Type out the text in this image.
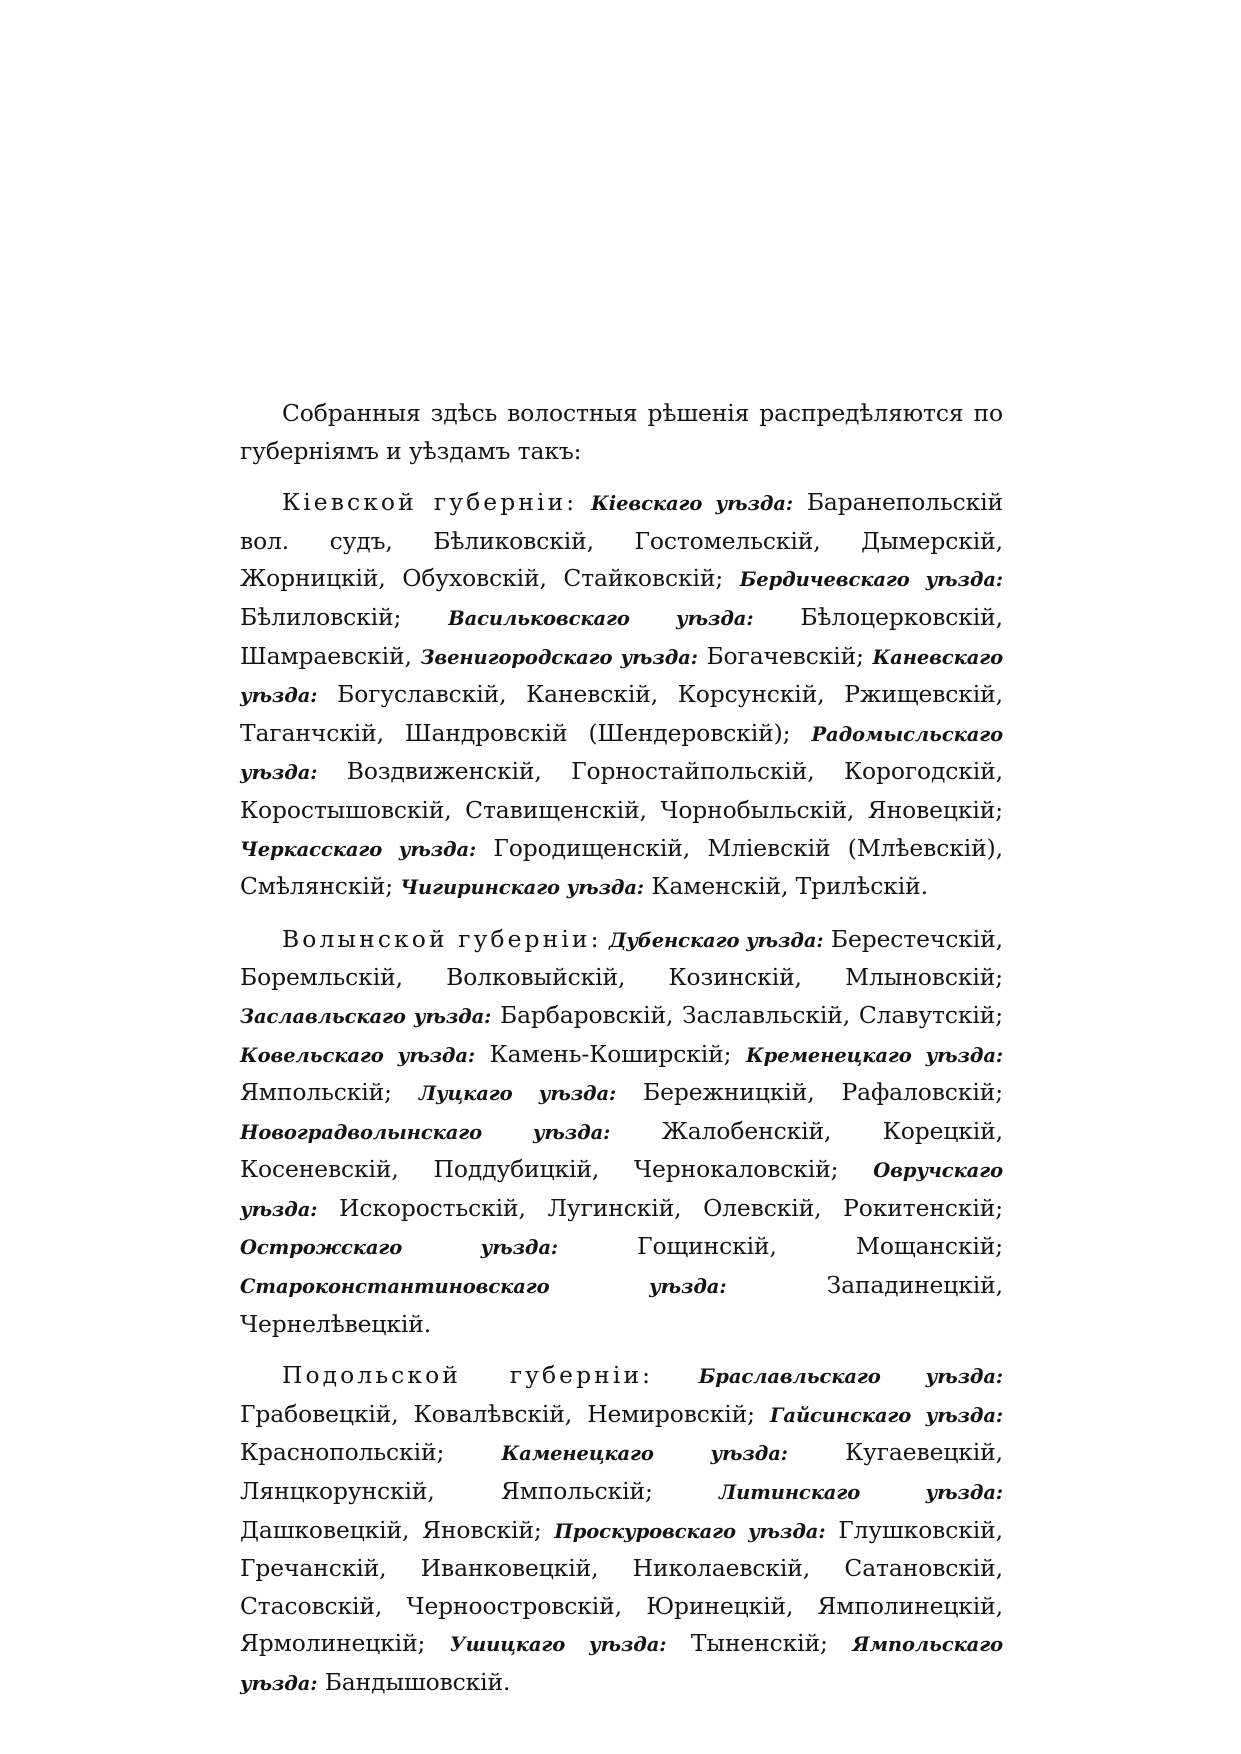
Собранныя здѣсь волостныя рѣшенія распредѣляются по губерніямъ и уѣздамъ такъ:

Кіевской губерніи: Кіевскаго уѣзда: Баранепольскій вол. судъ, Бѣликовскій, Гостомельскій, Дымерскій, Жорницкій, Обуховскій, Стайковскій; Бердичевскаго уѣзда: Бѣлиловскій; Васильковскаго уѣзда: Бѣлоцерковскій, Шамраевскій, Звенигородскаго уѣзда: Богачевскій; Каневскаго уѣзда: Богуславскій, Каневскій, Корсунскій, Ржищевскій, Таганчскій, Шандровскій (Шендеровскій); Радомысльскаго уѣзда: Воздвиженскій, Горностайпольскій, Корогодскій, Коростышовскій, Ставищенскій, Чорнобыльскій, Яновецкій; Черкасскаго уѣзда: Городищенскій, Мліевскій (Млѣевскій), Смѣлянскій; Чигиринскаго уѣзда: Каменскій, Трилѣскій.

Волынской губерніи: Дубенскаго уѣзда: Берестечскій, Боремльскій, Волковыйскій, Козинскій, Млыновскій; Заславльскаго уѣзда: Барбаровскій, Заславльскій, Славутскій; Ковельскаго уѣзда: Камень-Коширскій; Кременецкаго уѣзда: Ямпольскій; Луцкаго уѣзда: Бережницкій, Рафаловскій; Новоградволынскаго уѣзда: Жалобенскій, Корецкій, Косеневскій, Поддубицкій, Чернокаловскій; Овручскаго уѣзда: Искоростьскій, Лугинскій, Олевскій, Рокитенскій; Острожскаго уѣзда:	Гощинскій, Мощанскій; Староконстантиновскаго уѣзда:	Западинецкій, Чернелѣвецкій.

Подольской губерніи: Браславльскаго уѣзда: Грабовецкій, Ковалѣвскій, Немировскій; Гайсинскаго уѣзда: Краснопольскій;	Каменецкаго уѣзда: Кугаевецкій, Лянцкорунскій, Ямпольскій;	Литинскаго уѣзда: Дашковецкій, Яновскій; Проскуровскаго уѣзда: Глушковскій, Гречанскій, Иванковецкій, Николаевскій, Сатановскій, Стасовскій, Черноостровскій, Юринецкій, Ямполинецкій, Ярмолинецкій; Ушицкаго уѣзда: Тыненскій; Ямпольскаго уѣзда: Бандышовскій.
